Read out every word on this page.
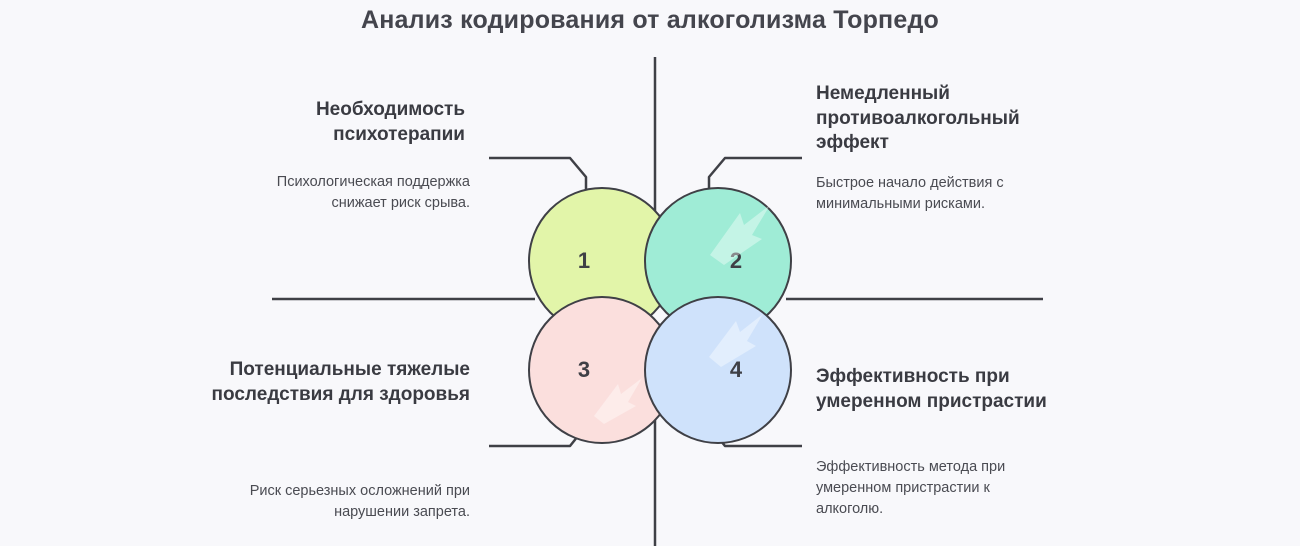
Анализ кодирования от алкоголизма Торпедо
1	2
3	4
Необходимость психотерапии
Психологическая поддержка снижает риск срыва.
Немедленный противоалкогольный эффект
Быстрое начало действия с минимальными рисками.
Потенциальные тяжелые последствия для здоровья
Риск серьезных осложнений при нарушении запрета.
Эффективность при умеренном пристрастии
Эффективность метода при умеренном пристрастии к алкоголю.
